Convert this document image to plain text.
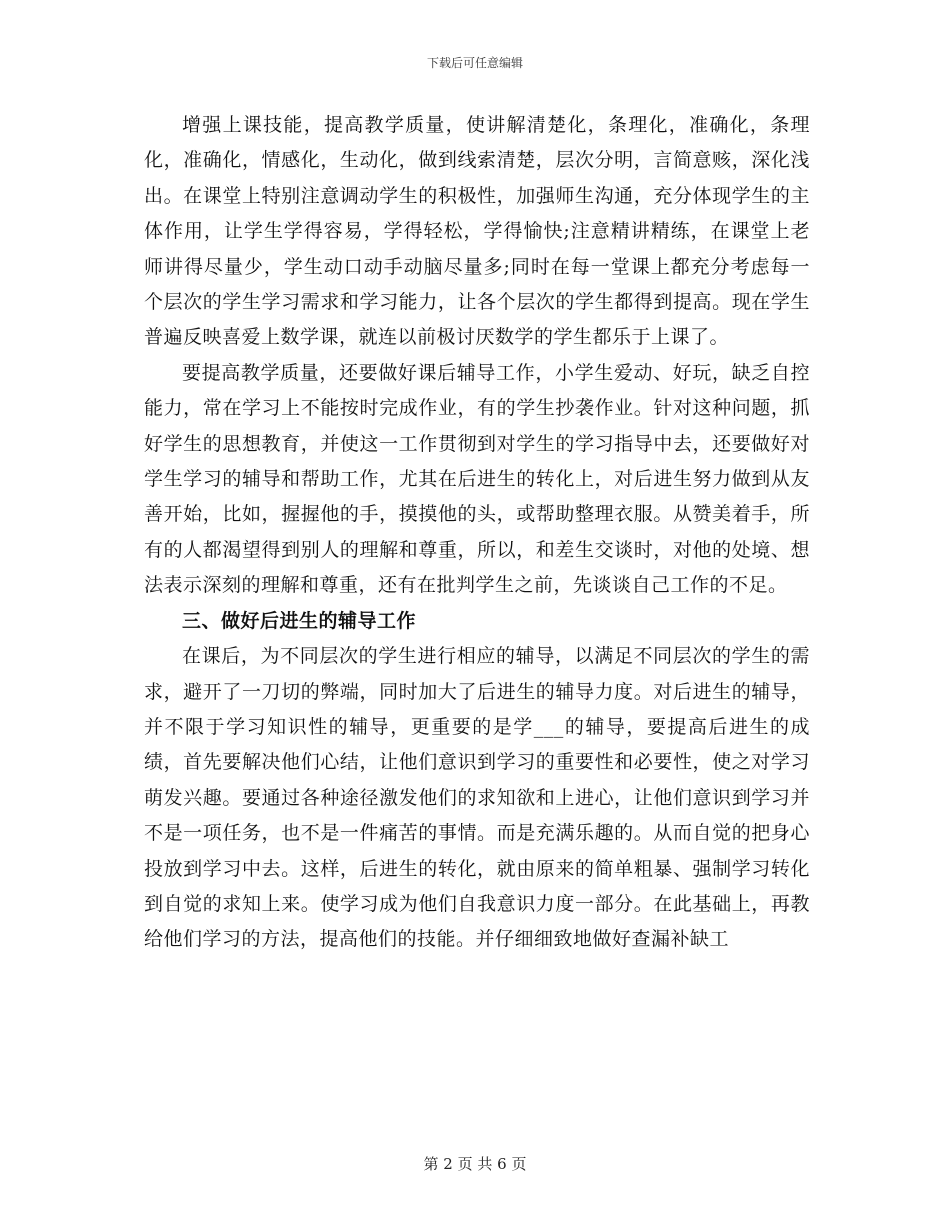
下载后可任意编辑

增强上课技能，提高教学质量，使讲解清楚化，条理化，准确化，条理化，准确化，情感化，生动化，做到线索清楚，层次分明，言简意赅，深化浅出。在课堂上特别注意调动学生的积极性，加强师生沟通，充分体现学生的主体作用，让学生学得容易，学得轻松，学得愉快;注意精讲精练，在课堂上老师讲得尽量少，学生动口动手动脑尽量多;同时在每一堂课上都充分考虑每一个层次的学生学习需求和学习能力，让各个层次的学生都得到提高。现在学生普遍反映喜爱上数学课，就连以前极讨厌数学的学生都乐于上课了。

要提高教学质量，还要做好课后辅导工作，小学生爱动、好玩，缺乏自控能力，常在学习上不能按时完成作业，有的学生抄袭作业。针对这种问题，抓好学生的思想教育，并使这一工作贯彻到对学生的学习指导中去，还要做好对学生学习的辅导和帮助工作，尤其在后进生的转化上，对后进生努力做到从友善开始，比如，握握他的手，摸摸他的头，或帮助整理衣服。从赞美着手，所有的人都渴望得到别人的理解和尊重，所以，和差生交谈时，对他的处境、想法表示深刻的理解和尊重，还有在批判学生之前，先谈谈自己工作的不足。

三、做好后进生的辅导工作

在课后，为不同层次的学生进行相应的辅导，以满足不同层次的学生的需求，避开了一刀切的弊端，同时加大了后进生的辅导力度。对后进生的辅导，并不限于学习知识性的辅导，更重要的是学___的辅导，要提高后进生的成绩，首先要解决他们心结，让他们意识到学习的重要性和必要性，使之对学习萌发兴趣。要通过各种途径激发他们的求知欲和上进心，让他们意识到学习并不是一项任务，也不是一件痛苦的事情。而是充满乐趣的。从而自觉的把身心投放到学习中去。这样，后进生的转化，就由原来的简单粗暴、强制学习转化到自觉的求知上来。使学习成为他们自我意识力度一部分。在此基础上，再教给他们学习的方法，提高他们的技能。并仔细细致地做好查漏补缺工

第 2 页 共 6 页
